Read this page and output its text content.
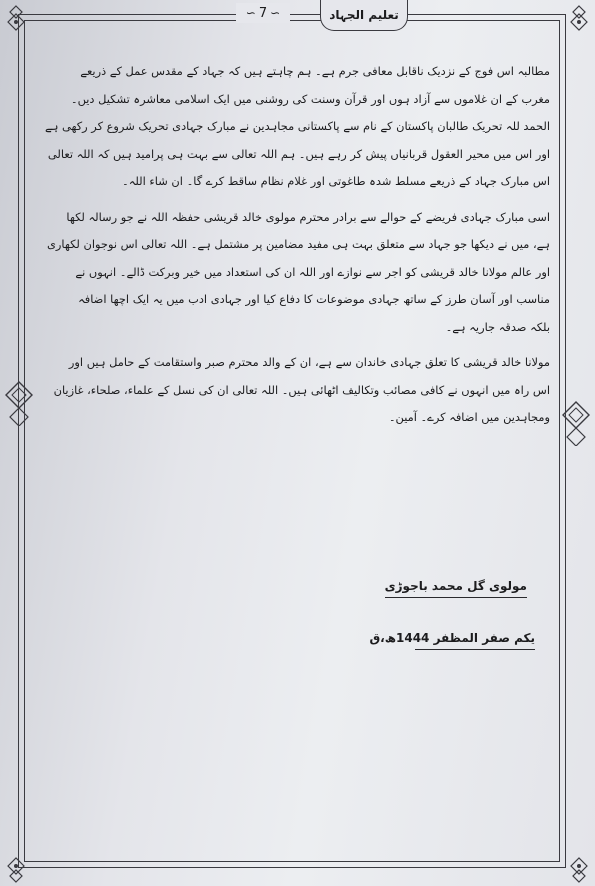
تعلیم الجہاد
∽ 7 ∽
مطالبہ اس فوج کے نزدیک ناقابل معافی جرم ہے۔ ہم چاہتے ہیں کہ جہاد کے مقدس عمل کے ذریعے
مغرب کے ان غلاموں سے آزاد ہوں اور قرآن وسنت کی روشنی میں ایک اسلامی معاشرہ تشکیل دیں۔
الحمد للہ تحریک طالبان پاکستان کے نام سے پاکستانی مجاہدین نے مبارک جہادی تحریک شروع کر رکھی ہے
اور اس میں محیر العقول قربانیاں پیش کر رہے ہیں۔ ہم اللہ تعالی سے بہت ہی پرامید ہیں کہ اللہ تعالی
اس مبارک جہاد کے ذریعے مسلط شدہ طاغوتی اور غلام نظام ساقط کرے گا۔ ان شاء اللہ۔
اسی مبارک جہادی فریضے کے حوالے سے برادر محترم مولوی خالد قریشی حفظہ اللہ نے جو رسالہ لکھا
ہے، میں نے دیکھا جو جہاد سے متعلق بہت ہی مفید مضامین پر مشتمل ہے۔ اللہ تعالی اس نوجوان لکھاری
اور عالم مولانا خالد قریشی کو اجر سے نوازے اور اللہ ان کی استعداد میں خیر وبرکت ڈالے۔ انہوں نے
مناسب اور آسان طرز کے ساتھ جہادی موضوعات کا دفاع کیا اور جہادی ادب میں یہ ایک اچھا اضافہ
بلکہ صدقہ جاریہ ہے۔
مولانا خالد قریشی کا تعلق جہادی خاندان سے ہے، ان کے والد محترم صبر واستقامت کے حامل ہیں اور
اس راہ میں انہوں نے کافی مصائب وتکالیف اٹھائی ہیں۔ اللہ تعالی ان کی نسل کے علماء، صلحاء، غازیان
ومجاہدین میں اضافہ کرے۔ آمین۔
مولوی گل محمد باجوڑی
یکم صفر المظفر 1444ھ،ق
